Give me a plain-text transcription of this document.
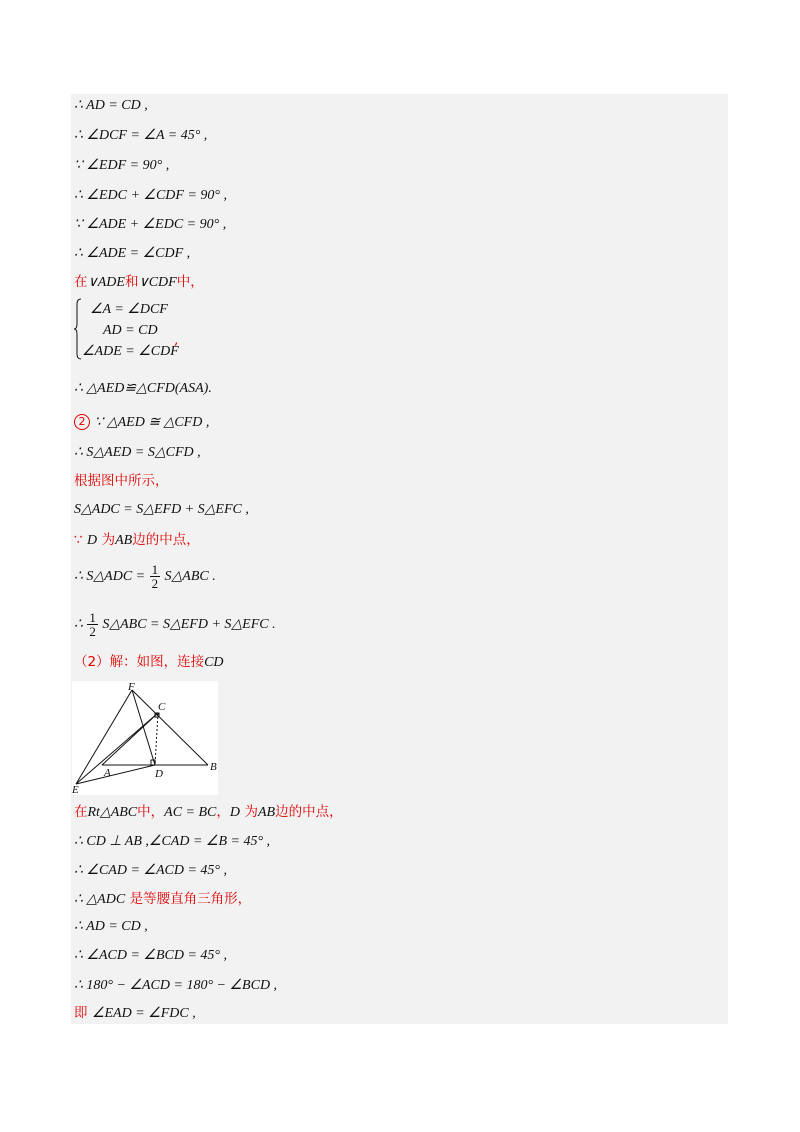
∴ AD = CD ,
∴ ∠DCF = ∠A = 45° ,
∵ ∠EDF = 90° ,
∴ ∠EDC + ∠CDF = 90° ,
∵ ∠ADE + ∠EDC = 90° ,
∴ ∠ADE = ∠CDF ,
在∨ADE和∨CDF中，
∠A = ∠DCF
AD = CD
∠ADE = ∠CDF
,
∴ △AED≌△CFD(ASA).
2 ∵ △AED ≅ △CFD ,
∴ S△AED = S△CFD ,
根据图中所示，
S△ADC = S△EFD + S△EFC ,
∵ D 为AB边的中点，
∴ S△ADC = $\frac{1}{2}$ S△ABC .
∴ $\frac{1}{2}$ S△ABC = S△EFD + S△EFC .
（2）解：如图，连接CD
F
C
A	D
B
E
在Rt△ABC中，AC = BC，D 为AB边的中点，
∴ CD ⊥ AB ,∠CAD = ∠B = 45° ,
∴ ∠CAD = ∠ACD = 45° ,
∴ △ADC 是等腰直角三角形，
∴ AD = CD ,
∴ ∠ACD = ∠BCD = 45° ,
∴ 180° − ∠ACD = 180° − ∠BCD ,
即 ∠EAD = ∠FDC ,
